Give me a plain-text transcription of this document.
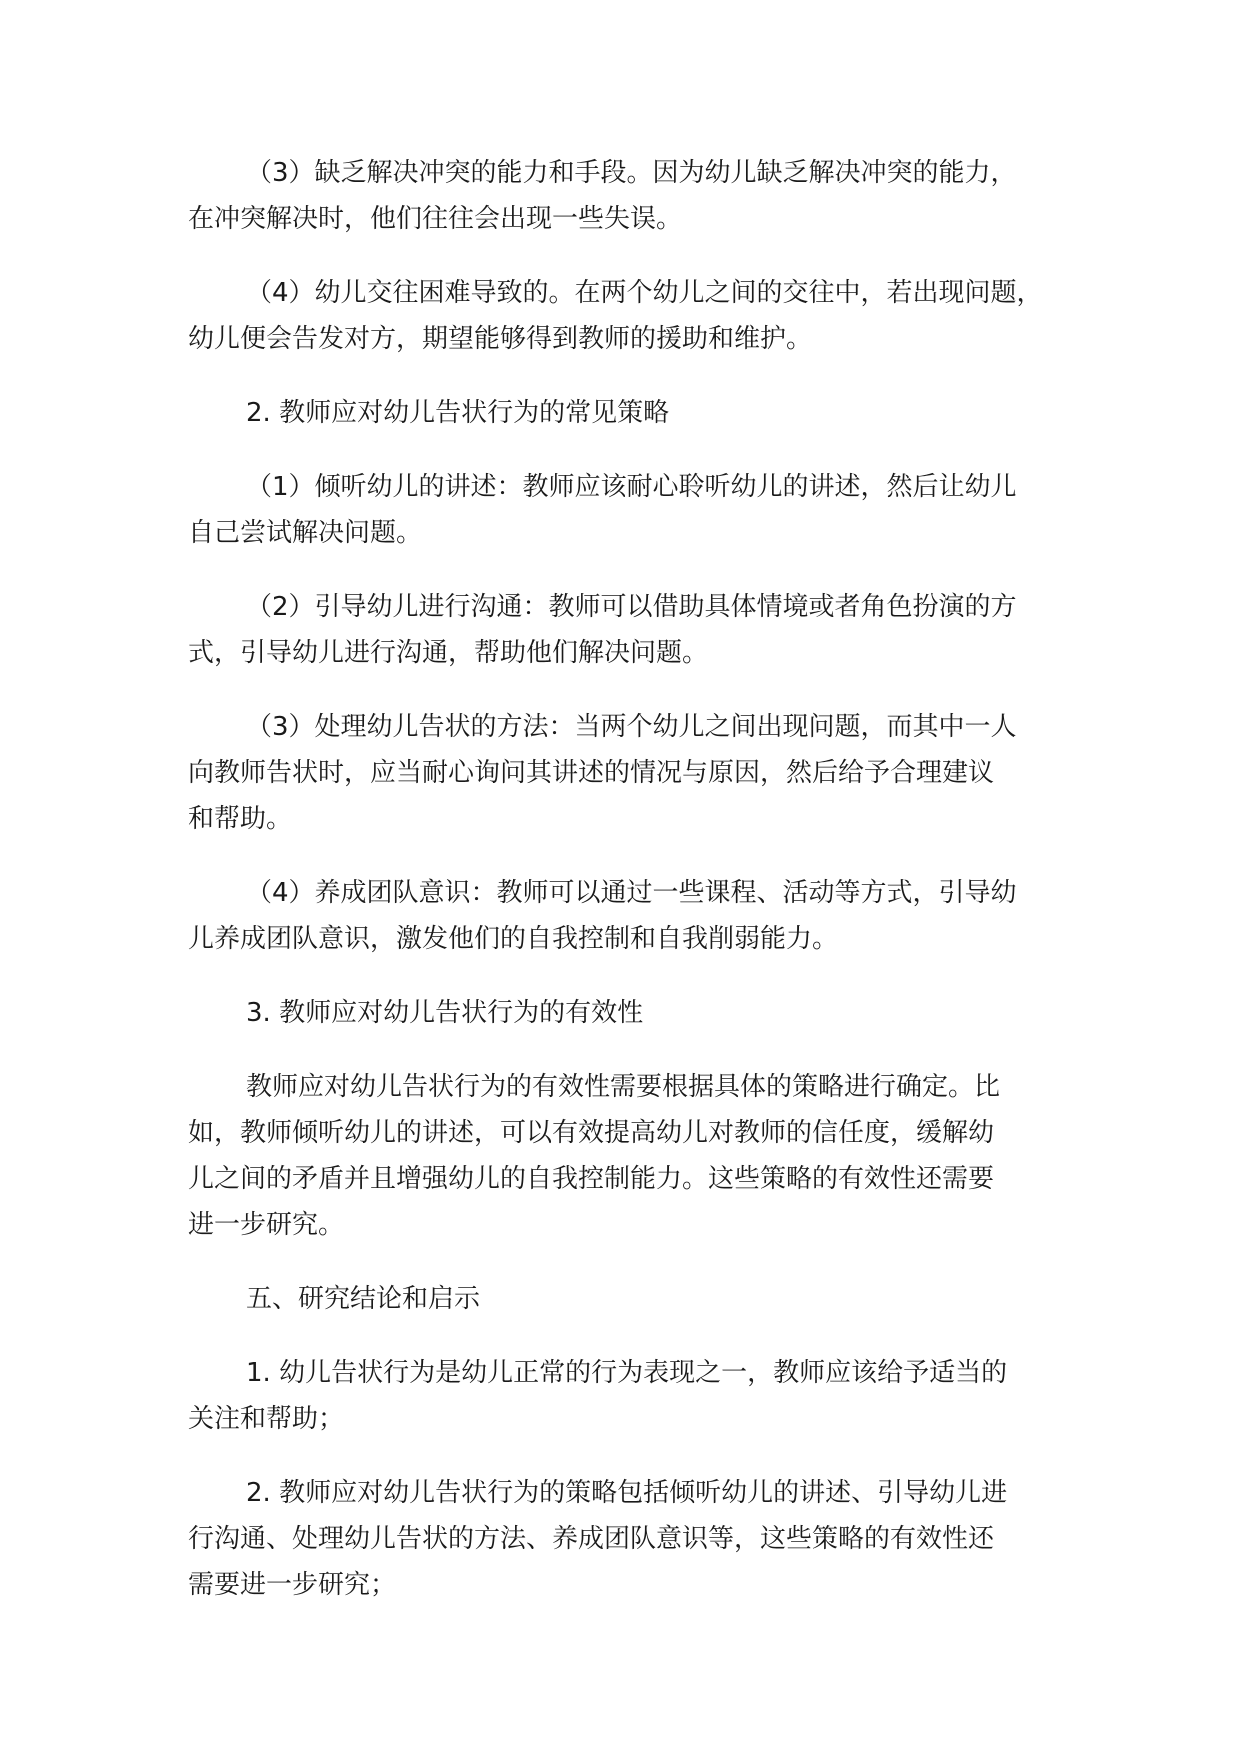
（3）缺乏解决冲突的能力和手段。因为幼儿缺乏解决冲突的能力，
在冲突解决时，他们往往会出现一些失误。

（4）幼儿交往困难导致的。在两个幼儿之间的交往中，若出现问题，
幼儿便会告发对方，期望能够得到教师的援助和维护。

2. 教师应对幼儿告状行为的常见策略

（1）倾听幼儿的讲述：教师应该耐心聆听幼儿的讲述，然后让幼儿
自己尝试解决问题。

（2）引导幼儿进行沟通：教师可以借助具体情境或者角色扮演的方
式，引导幼儿进行沟通，帮助他们解决问题。

（3）处理幼儿告状的方法：当两个幼儿之间出现问题，而其中一人
向教师告状时，应当耐心询问其讲述的情况与原因，然后给予合理建议
和帮助。

（4）养成团队意识：教师可以通过一些课程、活动等方式，引导幼
儿养成团队意识，激发他们的自我控制和自我削弱能力。

3. 教师应对幼儿告状行为的有效性

教师应对幼儿告状行为的有效性需要根据具体的策略进行确定。比
如，教师倾听幼儿的讲述，可以有效提高幼儿对教师的信任度，缓解幼
儿之间的矛盾并且增强幼儿的自我控制能力。这些策略的有效性还需要
进一步研究。

五、研究结论和启示

1. 幼儿告状行为是幼儿正常的行为表现之一，教师应该给予适当的
关注和帮助；

2. 教师应对幼儿告状行为的策略包括倾听幼儿的讲述、引导幼儿进
行沟通、处理幼儿告状的方法、养成团队意识等，这些策略的有效性还
需要进一步研究；
